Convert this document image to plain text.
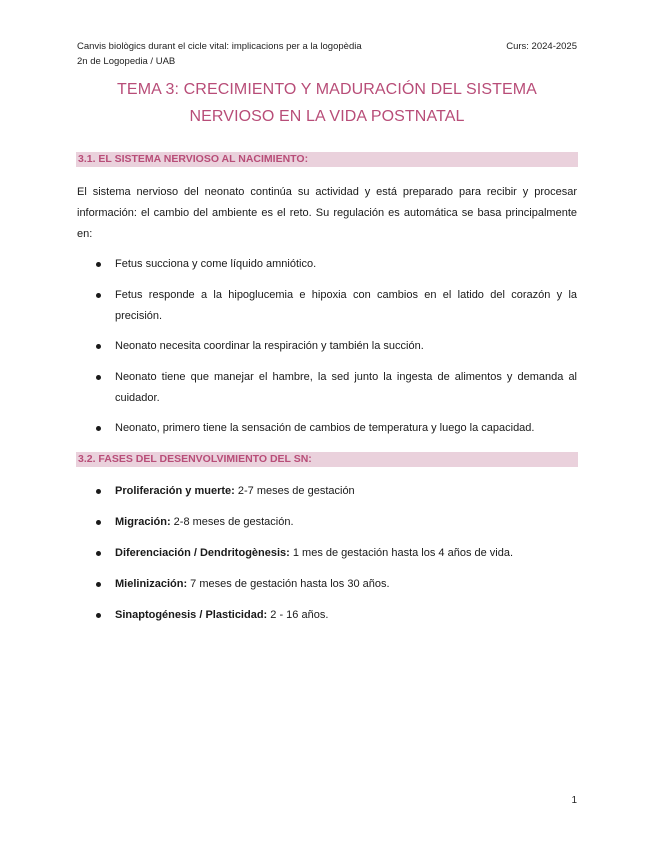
Canvis biològics durant el cicle vital: implicacions per a la logopèdia
2n de Logopedia / UAB
Curs: 2024-2025
TEMA 3: CRECIMIENTO Y MADURACIÓN DEL SISTEMA
NERVIOSO EN LA VIDA POSTNATAL
3.1. EL SISTEMA NERVIOSO AL NACIMIENTO:

El sistema nervioso del neonato continúa su actividad y está preparado para recibir y procesar información: el cambio del ambiente es el reto. Su regulación es automática se basa principalmente en:

Fetus succiona y come líquido amniótico.
Fetus responde a la hipoglucemia e hipoxia con cambios en el latido del corazón y la precisión.
Neonato necesita coordinar la respiración y también la succión.
Neonato tiene que manejar el hambre, la sed junto la ingesta de alimentos y demanda al cuidador.
Neonato, primero tiene la sensación de cambios de temperatura y luego la capacidad.
3.2. FASES DEL DESENVOLVIMIENTO DEL SN:
Proliferación y muerte: 2-7 meses de gestación
Migración: 2-8 meses de gestación.
Diferenciación / Dendritogènesis: 1 mes de gestación hasta los 4 años de vida.
Mielinización: 7 meses de gestación hasta los 30 años.
Sinaptogénesis / Plasticidad: 2 - 16 años.
1
